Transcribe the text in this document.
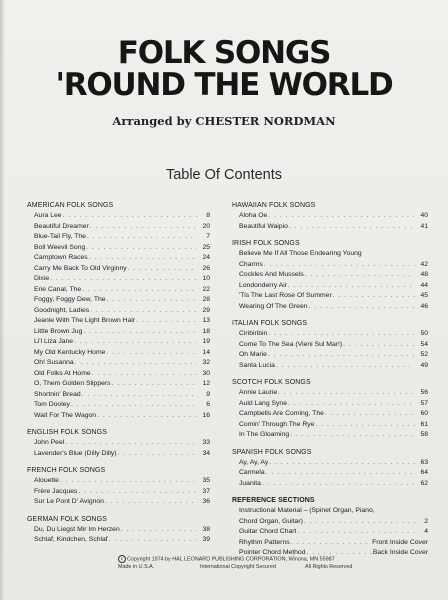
FOLK SONGS
'ROUND THE WORLD
Arranged by CHESTER NORDMAN
Table Of Contents
AMERICAN FOLK SONGS
Aura Lee . . .	8
Beautiful Dreamer . . .	20
Blue-Tail Fly, The . . .	7
Boll Weevil Song . . .	25
Camptown Races . . .	24
Carry Me Back To Old Virginny . . .	26
Dixie . . .	10
Erie Canal, The . . .	22
Foggy, Foggy Dew, The . . .	28
Goodnight, Ladies . . .	29
Jeanie With The Light Brown Hair . . .	13
Little Brown Jug . . .	18
Li'l Liza Jane . . .	19
My Old Kentucky Home . . .	14
Oh! Susanna . . .	32
Old Folks At Home . . .	30
O, Them Golden Slippers . . .	12
Shortnin' Bread . . .	9
Tom Dooley . . .	6
Wait For The Wagon . . .	16
ENGLISH FOLK SONGS
John Peel . . .	33
Lavender's Blue (Dilly Dilly) . . .	34
FRENCH FOLK SONGS
Alouette . . .	35
Frère Jacques . . .	37
Sur Le Pont D' Avignon . . .	36
GERMAN FOLK SONGS
Du, Du Liegst Mir Im Herzen . . .	38
Schlaf, Kindchen, Schlaf . . .	39
HAWAIIAN FOLK SONGS
Aloha Oe . . .	40
Beautiful Waipio . . .	41
IRISH FOLK SONGS
Believe Me If All Those Endearing Young
Charms . . .	42
Cockles And Mussels . . .	48
Londonderry Air . . .	44
'Tis The Last Rose Of Summer . . .	45
Wearing Of The Green . . .	46
ITALIAN FOLK SONGS
Ciribiribin . . .	50
Come To The Sea (Vieni Sul Mar!) . . .	54
Oh Marie . . .	52
Santa Lucia . . .	49
SCOTCH FOLK SONGS
Annie Laurie . . .	56
Auld Lang Syne . . .	57
Campbells Are Coming, The . . .	60
Comin' Through The Rye . . .	61
In The Gloaming . . .	58
SPANISH FOLK SONGS
Ay, Ay, Ay . . .	63
Carmela . . .	64
Juanita . . .	62
REFERENCE SECTIONS
Instructional Material – (Spinet Organ, Piano,
Chord Organ, Guitar) . . .	2
Guitar Chord Chart . . .	4
Rhythm Patterns . . .	Front Inside Cover
Pointer Chord Method . . .	Back Inside Cover
c Copyright 1974 by HAL LEONARD PUBLISHING CORPORATION, Winona, MN 55987
Made in U.S.A.	International Copyright Secured	All Rights Reserved
